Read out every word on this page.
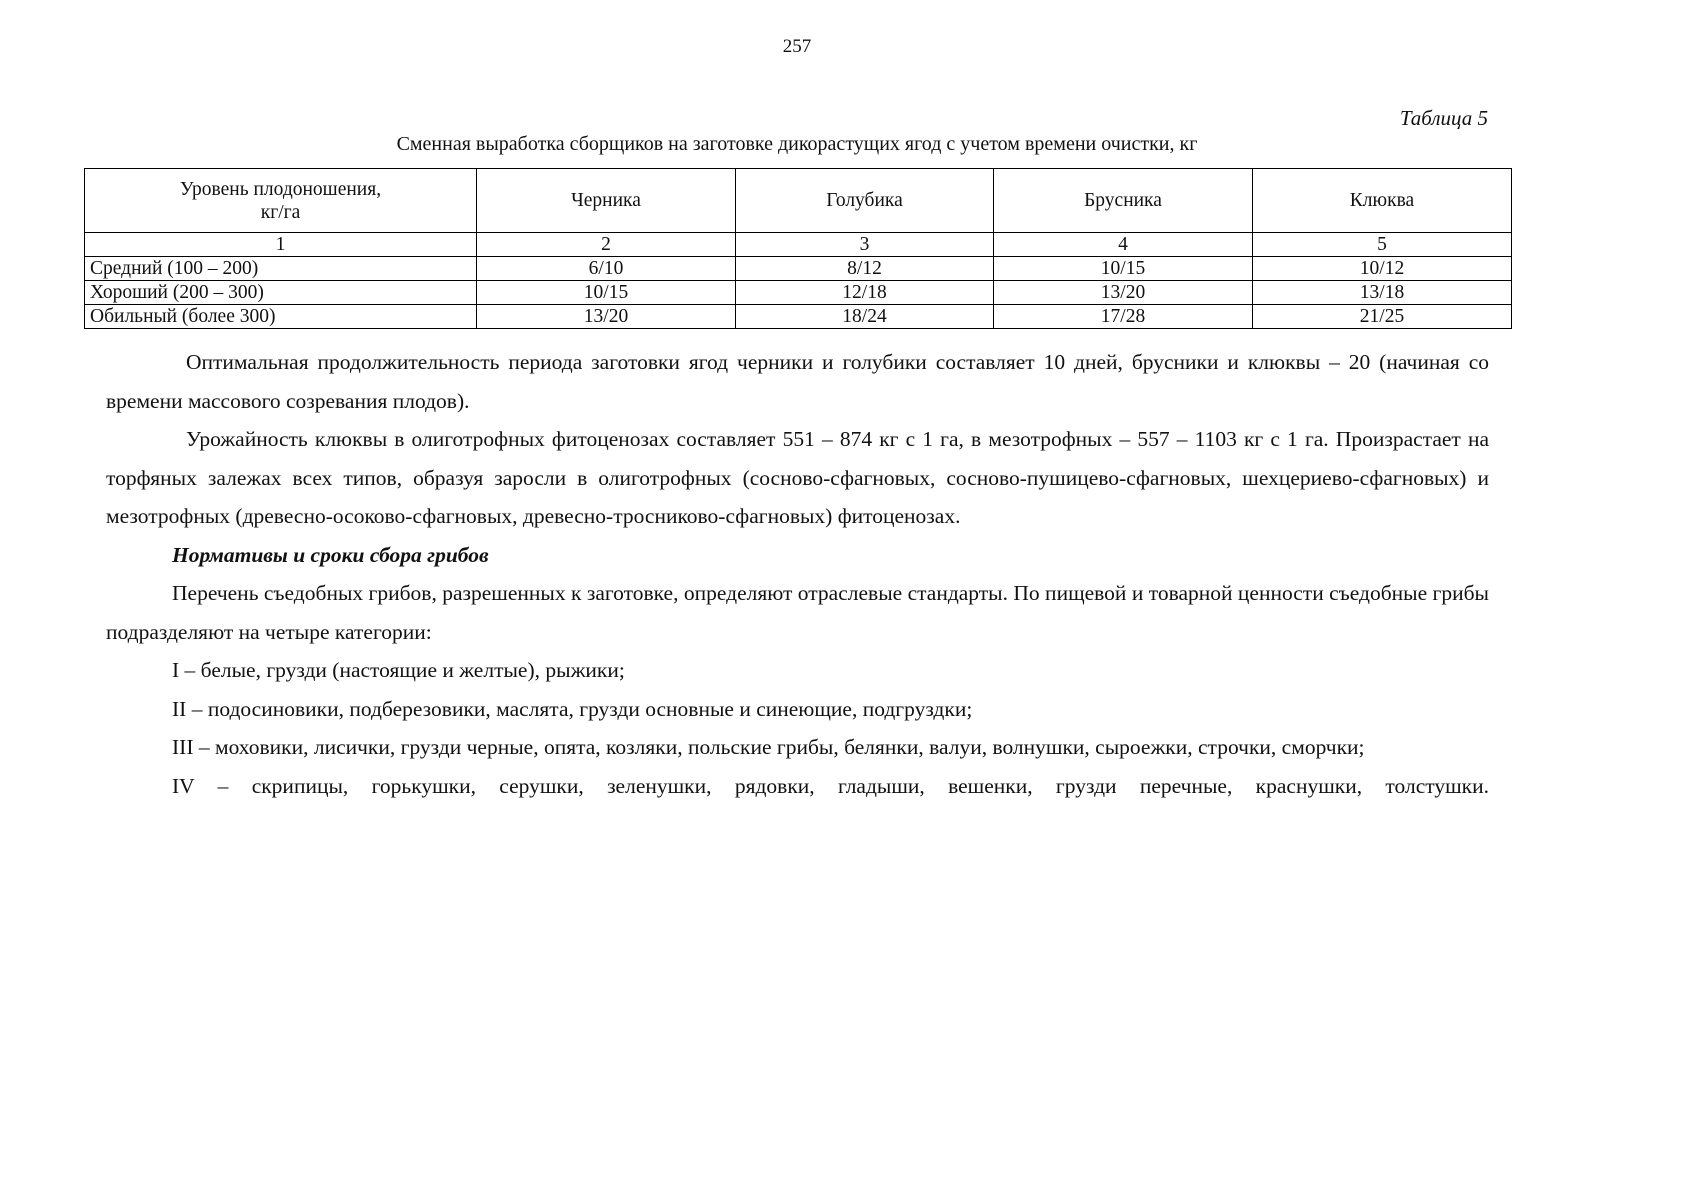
257
Таблица 5
Сменная выработка сборщиков на заготовке дикорастущих ягод с учетом времени очистки, кг
Уровень плодоношения,
кг/га	Черника	Голубика	Брусника	Клюква
1	2	3	4	5
Средний (100 – 200)	6/10	8/12	10/15	10/12
Хороший (200 – 300)	10/15	12/18	13/20	13/18
Обильный (более 300)	13/20	18/24	17/28	21/25

Оптимальная продолжительность периода заготовки ягод черники и голубики составляет 10 дней, брусники и клюквы – 20 (начиная со времени массового созревания плодов).

Урожайность клюквы в олиготрофных фитоценозах составляет 551 – 874 кг с 1 га, в мезотрофных – 557 – 1103 кг с 1 га. Произрастает на торфяных залежах всех типов, образуя заросли в олиготрофных (сосново-сфагновых, сосново-пушицево-сфагновых, шехцериево-сфагновых) и мезотрофных (древесно-осоково-сфагновых, древесно-тросниково-сфагновых) фитоценозах.

Нормативы и сроки сбора грибов

Перечень съедобных грибов, разрешенных к заготовке, определяют отраслевые стандарты. По пищевой и товарной ценности съедобные грибы подразделяют на четыре категории:

I – белые, грузди (настоящие и желтые), рыжики;

II – подосиновики, подберезовики, маслята, грузди основные и синеющие, подгруздки;

III – моховики, лисички, грузди черные, опята, козляки, польские грибы, белянки, валуи, волнушки, сыроежки, строчки, сморчки;

IV – скрипицы, горькушки, серушки, зеленушки, рядовки, гладыши, вешенки, грузди перечные, краснушки, толстушки.
